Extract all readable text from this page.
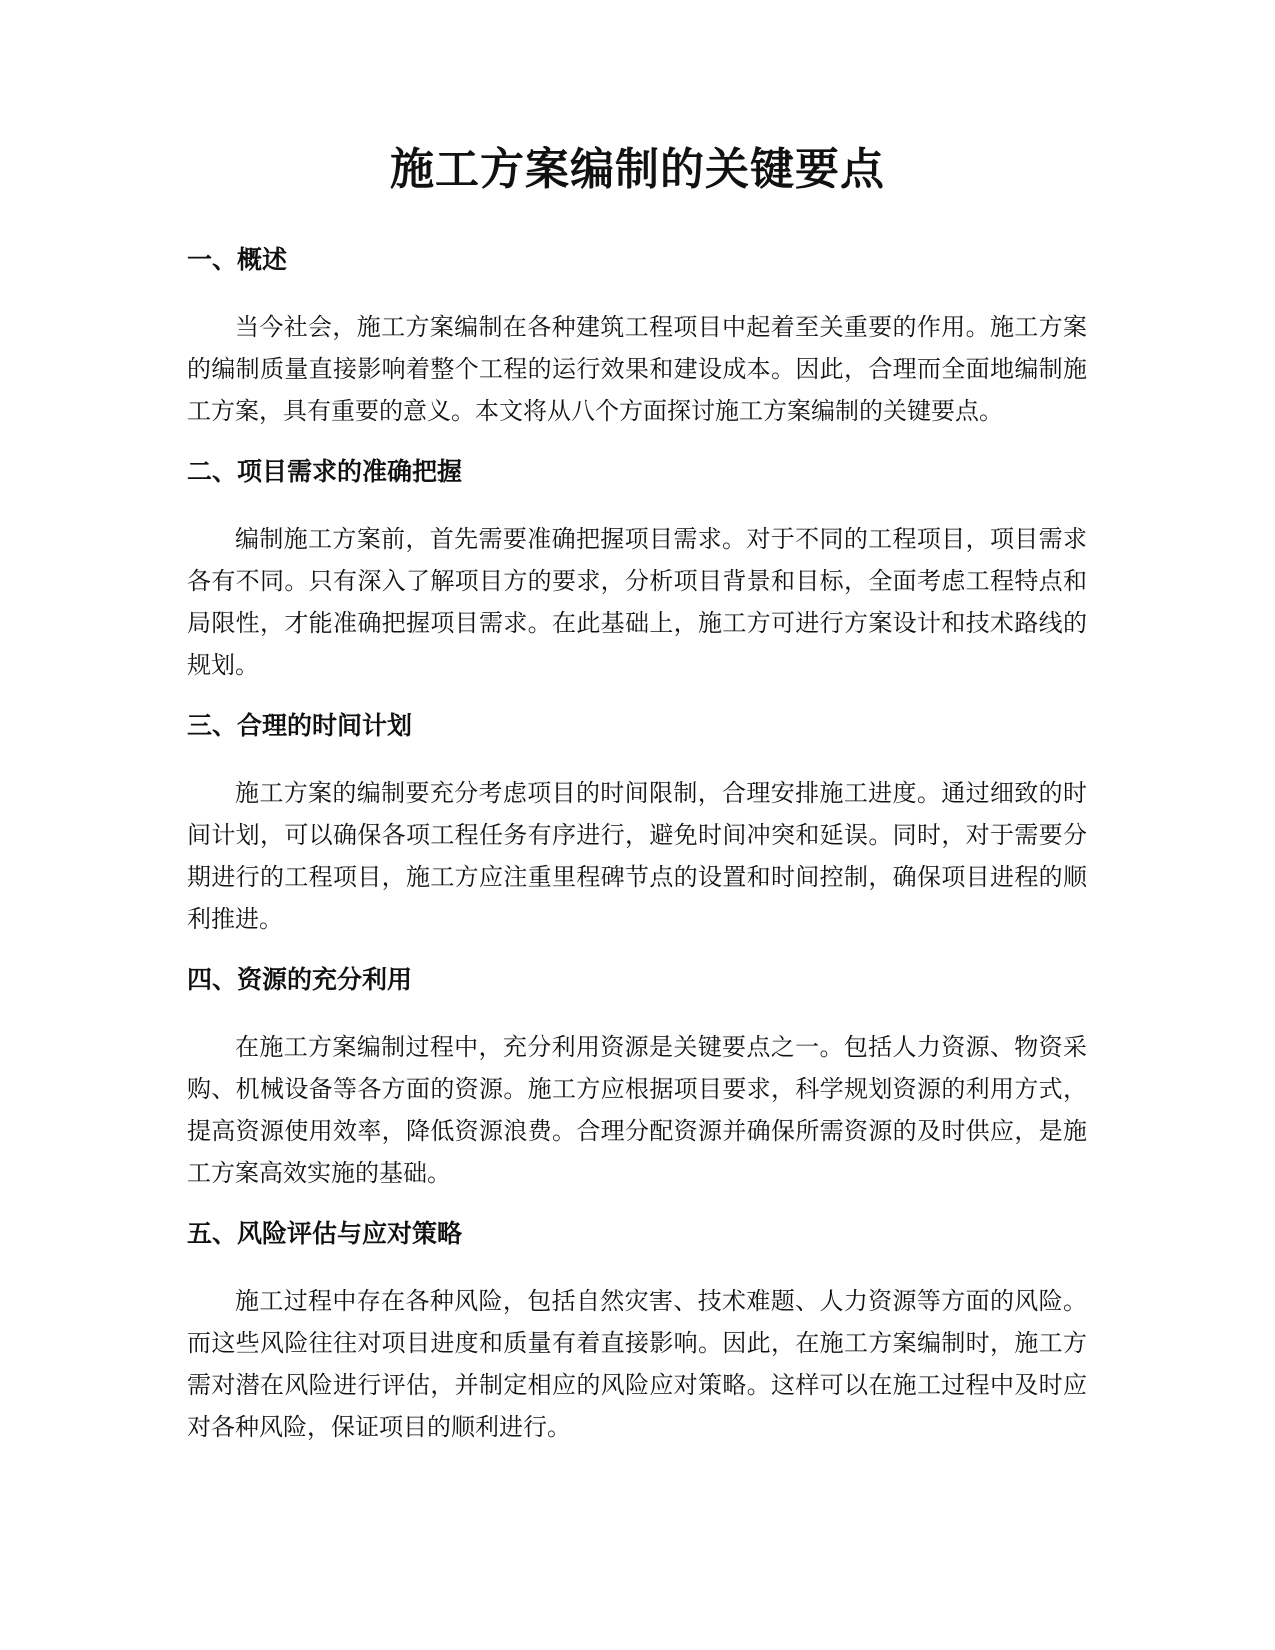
施工方案编制的关键要点
一、概述

当今社会，施工方案编制在各种建筑工程项目中起着至关重要的作用。施工方案的编制质量直接影响着整个工程的运行效果和建设成本。因此，合理而全面地编制施工方案，具有重要的意义。本文将从八个方面探讨施工方案编制的关键要点。

二、项目需求的准确把握

编制施工方案前，首先需要准确把握项目需求。对于不同的工程项目，项目需求各有不同。只有深入了解项目方的要求，分析项目背景和目标，全面考虑工程特点和局限性，才能准确把握项目需求。在此基础上，施工方可进行方案设计和技术路线的规划。

三、合理的时间计划

施工方案的编制要充分考虑项目的时间限制，合理安排施工进度。通过细致的时间计划，可以确保各项工程任务有序进行，避免时间冲突和延误。同时，对于需要分期进行的工程项目，施工方应注重里程碑节点的设置和时间控制，确保项目进程的顺利推进。

四、资源的充分利用

在施工方案编制过程中，充分利用资源是关键要点之一。包括人力资源、物资采购、机械设备等各方面的资源。施工方应根据项目要求，科学规划资源的利用方式，提高资源使用效率，降低资源浪费。合理分配资源并确保所需资源的及时供应，是施工方案高效实施的基础。

五、风险评估与应对策略

施工过程中存在各种风险，包括自然灾害、技术难题、人力资源等方面的风险。而这些风险往往对项目进度和质量有着直接影响。因此，在施工方案编制时，施工方需对潜在风险进行评估，并制定相应的风险应对策略。这样可以在施工过程中及时应对各种风险，保证项目的顺利进行。
